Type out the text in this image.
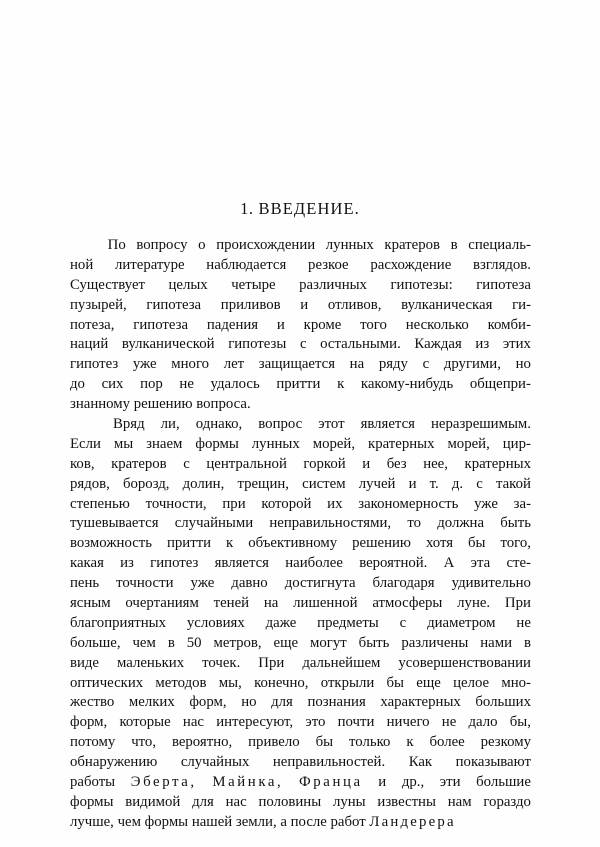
1. ВВЕДЕНИЕ.
По вопросу о происхождении лунных кратеров в специаль-
ной литературе наблюдается резкое расхождение взглядов.
Существует целых четыре различных гипотезы: гипотеза
пузырей, гипотеза приливов и отливов, вулканическая ги-
потеза, гипотеза падения и кроме того несколько комби-
наций вулканической гипотезы с остальными. Каждая из этих
гипотез уже много лет защищается на ряду с другими, но
до сих пор не удалось притти к какому-нибудь общепри-
знанному решению вопроса.
Вряд ли, однако, вопрос этот является неразрешимым.
Если мы знаем формы лунных морей, кратерных морей, цир-
ков, кратеров с центральной горкой и без нее, кратерных
рядов, борозд, долин, трещин, систем лучей и т. д. с такой
степенью точности, при которой их закономерность уже за-
тушевывается случайными неправильностями, то должна быть
возможность притти к объективному решению хотя бы того,
какая из гипотез является наиболее вероятной. А эта сте-
пень точности уже давно достигнута благодаря удивительно
ясным очертаниям теней на лишенной атмосферы луне. При
благоприятных условиях даже предметы с диаметром не
больше, чем в 50 метров, еще могут быть различены нами в
виде маленьких точек. При дальнейшем усовершенствовании
оптических методов мы, конечно, открыли бы еще целое мно-
жество мелких форм, но для познания характерных больших
форм, которые нас интересуют, это почти ничего не дало бы,
потому что, вероятно, привело бы только к более резкому
обнаружению случайных неправильностей. Как показывают
работы Эберта, Майнка, Франца и др., эти большие
формы видимой для нас половины луны известны нам гораздо
лучше, чем формы нашей земли, а после работ Ландерера
